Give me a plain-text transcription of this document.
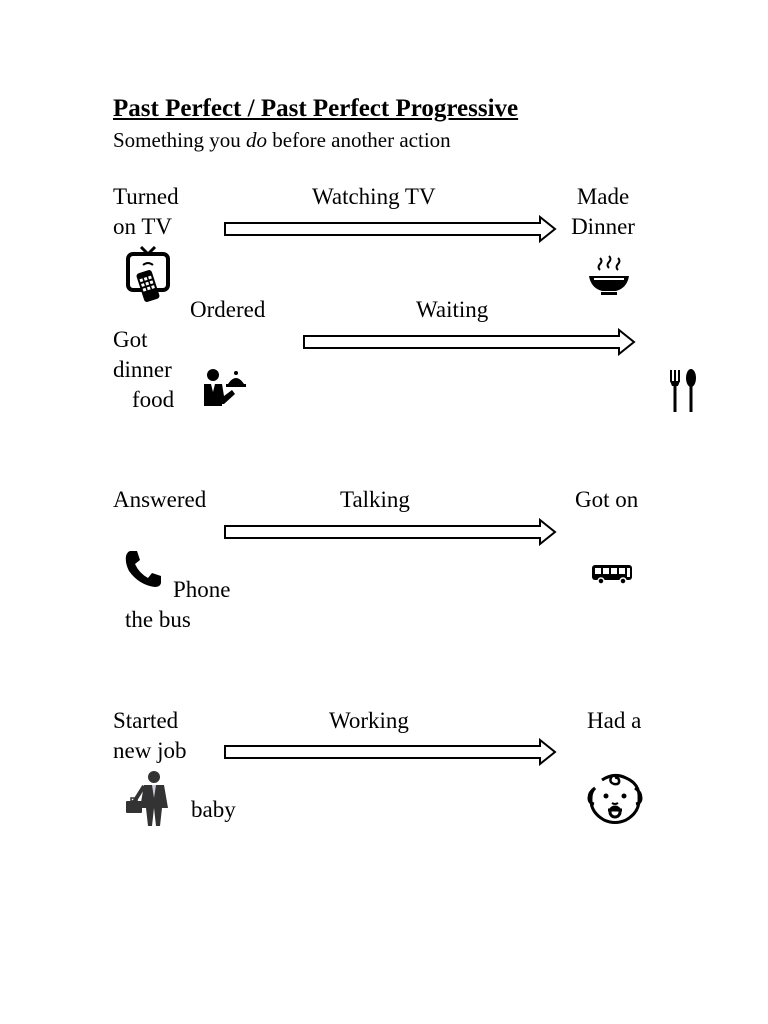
Past Perfect / Past Perfect Progressive
Something you do before another action
Turned
on TV
Watching TV	Made
Dinner
Ordered	Waiting
Got
dinner
food
Answered	Talking	Got on
Phone
the bus
Started
new job
Working	Had a
baby
